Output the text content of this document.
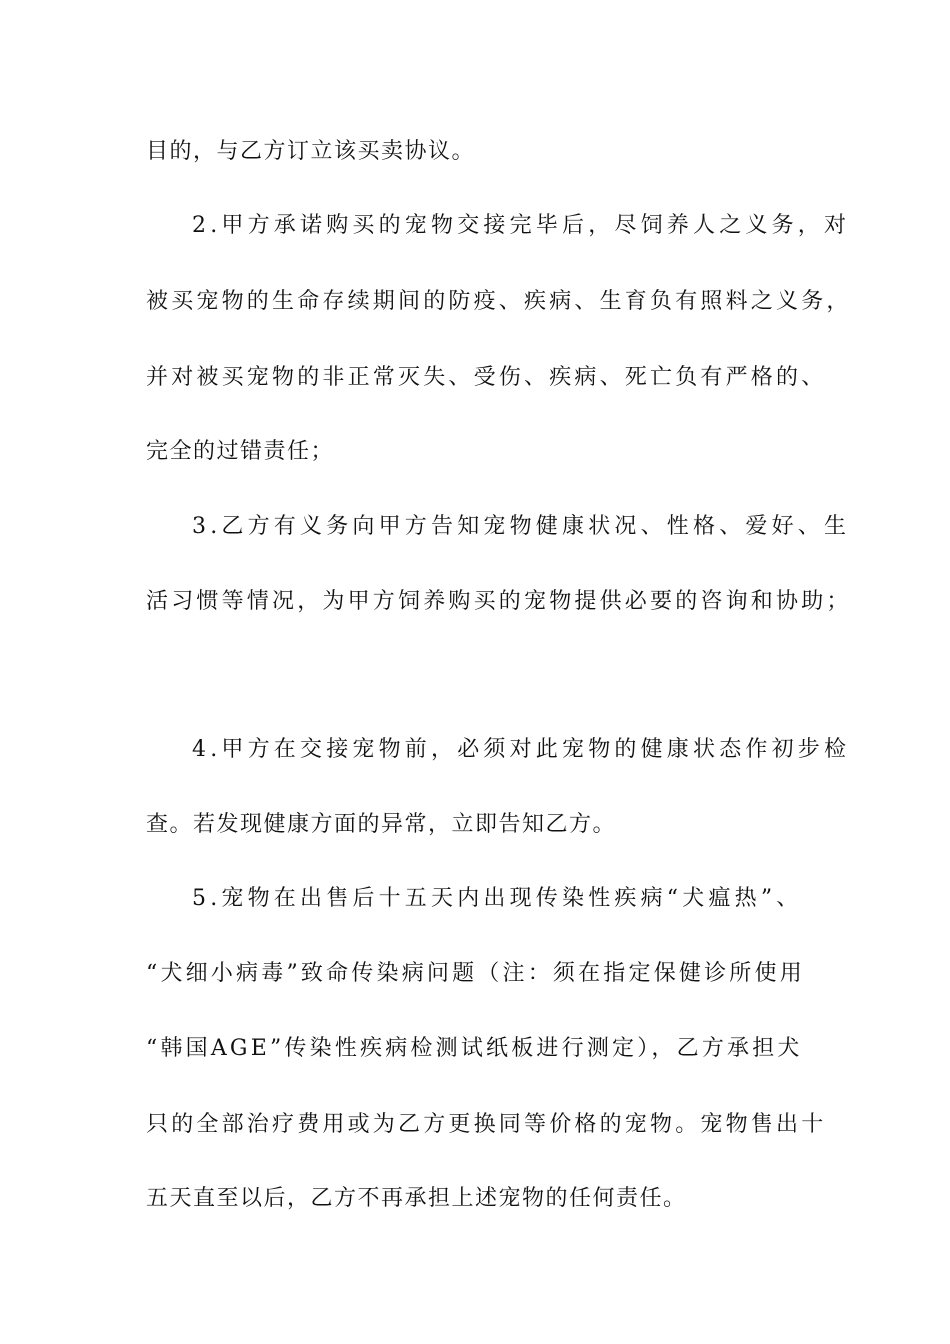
目的，与乙方订立该买卖协议。
2.甲方承诺购买的宠物交接完毕后，尽饲养人之义务，对
被买宠物的生命存续期间的防疫、疾病、生育负有照料之义务，
并对被买宠物的非正常灭失、受伤、疾病、死亡负有严格的、
完全的过错责任；
3.乙方有义务向甲方告知宠物健康状况、性格、爱好、生
活习惯等情况，为甲方饲养购买的宠物提供必要的咨询和协助；
4.甲方在交接宠物前，必须对此宠物的健康状态作初步检
查。若发现健康方面的异常，立即告知乙方。
5.宠物在出售后十五天内出现传染性疾病“犬瘟热”、
“犬细小病毒”致命传染病问题（注：须在指定保健诊所使用
“韩国AGE”传染性疾病检测试纸板进行测定），乙方承担犬
只的全部治疗费用或为乙方更换同等价格的宠物。宠物售出十
五天直至以后，乙方不再承担上述宠物的任何责任。
